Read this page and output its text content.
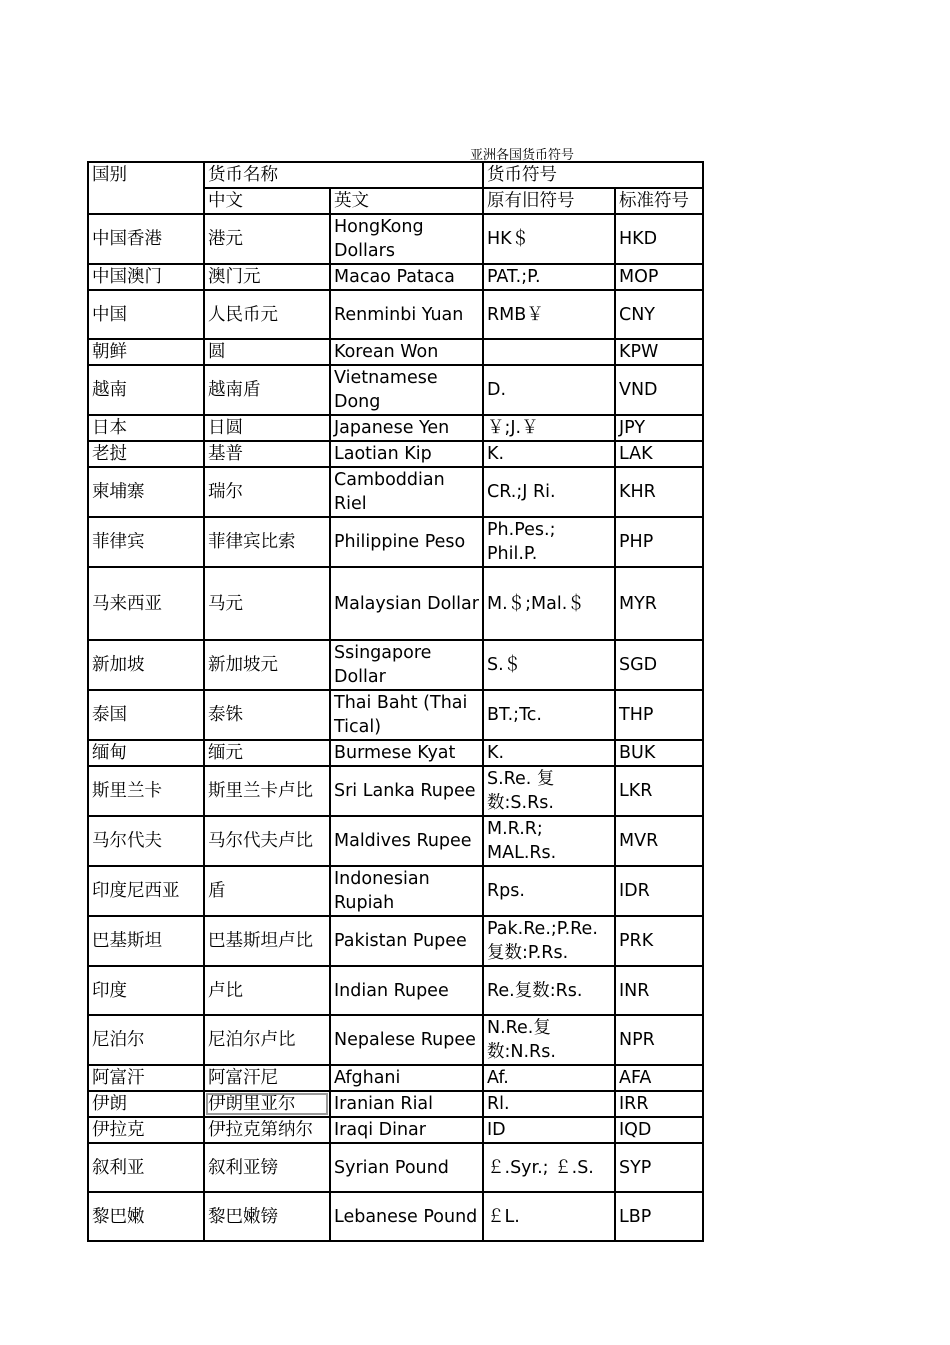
亚洲各国货币符号
国别	货币名称		货币符号	
	中文	英文	原有旧符号	标准符号
中国香港	港元	HongKong Dollars	HK＄	HKD
中国澳门	澳门元	Macao Pataca	PAT.;P.	MOP
中国	人民币元	Renminbi Yuan	RMB￥	CNY
朝鲜	圆	Korean Won		KPW
越南	越南盾	Vietnamese Dong	D.	VND
日本	日圆	Japanese Yen	￥;J.￥	JPY
老挝	基普	Laotian Kip	K.	LAK
柬埔寨	瑞尔	Camboddian Riel	CR.;J Ri.	KHR
菲律宾	菲律宾比索	Philippine Peso	Ph.Pes.; Phil.P.	PHP
马来西亚	马元	Malaysian Dollar	M.＄;Mal.＄	MYR
新加坡	新加坡元	Ssingapore Dollar	S.＄	SGD
泰国	泰铢	Thai Baht (Thai Tical)	BT.;Tc.	THP
缅甸	缅元	Burmese Kyat	K.	BUK
斯里兰卡	斯里兰卡卢比	Sri Lanka Rupee	S.Re. 复数:S.Rs.	LKR
马尔代夫	马尔代夫卢比	Maldives Rupee	M.R.R; MAL.Rs.	MVR
印度尼西亚	盾	Indonesian Rupiah	Rps.	IDR
巴基斯坦	巴基斯坦卢比	Pakistan Pupee	Pak.Re.;P.Re.复数:P.Rs.	PRK
印度	卢比	Indian Rupee	Re.复数:Rs.	INR
尼泊尔	尼泊尔卢比	Nepalese Rupee	N.Re.复数:N.Rs.	NPR
阿富汗	阿富汗尼	Afghani	Af.	AFA
伊朗	伊朗里亚尔	Iranian Rial	Rl.	IRR
伊拉克	伊拉克第纳尔	Iraqi Dinar	ID	IQD
叙利亚	叙利亚镑	Syrian Pound	￡.Syr.; ￡.S.	SYP
黎巴嫩	黎巴嫩镑	Lebanese Pound	￡L.	LBP
